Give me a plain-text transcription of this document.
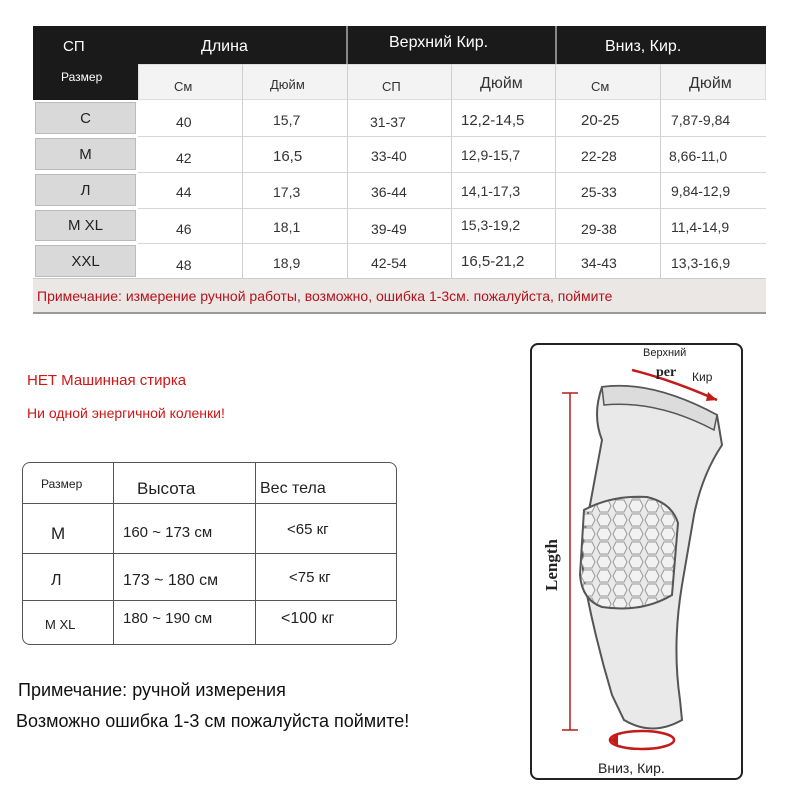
СП
Размер
Длина	Верхний Кир.	Вниз, Кир.
См	Дюйм	СП	Дюйм	См	Дюйм
С	40	15,7	31-37	12,2-14,5	20-25	7,87-9,84
М	42	16,5	33-40	12,9-15,7	22-28	8,66-11,0
Л	44	17,3	36-44	14,1-17,3	25-33	9,84-12,9
М XL	46	18,1	39-49	15,3-19,2	29-38	11,4-14,9
XXL	48	18,9	42-54	16,5-21,2	34-43	13,3-16,9
Примечание: измерение ручной работы, возможно, ошибка 1-3см. пожалуйста, поймите
НЕТ Машинная стирка
Ни одной энергичной коленки!
Размер	Высота	Вес тела
М	160 ~ 173 см	<65 кг
Л	173 ~ 180 см	<75 кг
М XL	180 ~ 190 см	<100 кг
Примечание: ручной измерения
Возможно ошибка 1-3 см пожалуйста поймите!
Верхний
per Кир
Length
Вниз, Кир.
